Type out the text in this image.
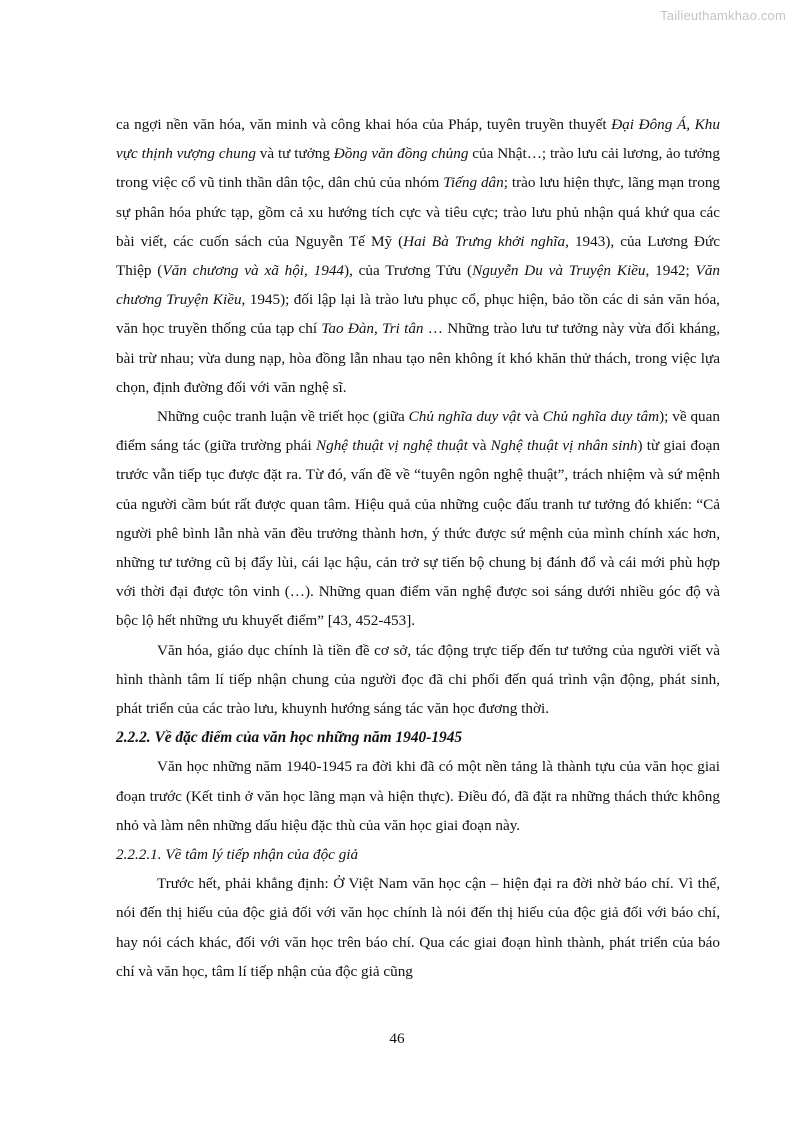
Tailieuthamkhao.com

ca ngợi nền văn hóa, văn minh và công khai hóa của Pháp, tuyên truyền thuyết Đại Đông Á, Khu vực thịnh vượng chung và tư tưởng Đồng văn đồng chủng của Nhật…; trào lưu cải lương, ảo tưởng trong việc cổ vũ tinh thần dân tộc, dân chủ của nhóm Tiếng dân; trào lưu hiện thực, lãng mạn trong sự phân hóa phức tạp, gồm cả xu hướng tích cực và tiêu cực; trào lưu phủ nhận quá khứ qua các bài viết, các cuốn sách của Nguyễn Tế Mỹ (Hai Bà Trưng khởi nghĩa, 1943), của Lương Đức Thiệp (Văn chương và xã hội, 1944), của Trương Tửu (Nguyễn Du và Truyện Kiều, 1942; Văn chương Truyện Kiều, 1945); đối lập lại là trào lưu phục cổ, phục hiện, bảo tồn các di sản văn hóa, văn học truyền thống của tạp chí Tao Đàn, Tri tân … Những trào lưu tư tưởng này vừa đối kháng, bài trừ nhau; vừa dung nạp, hòa đồng lẫn nhau tạo nên không ít khó khăn thử thách, trong việc lựa chọn, định đường đối với văn nghệ sĩ.

Những cuộc tranh luận về triết học (giữa Chủ nghĩa duy vật và Chủ nghĩa duy tâm); về quan điểm sáng tác (giữa trường phái Nghệ thuật vị nghệ thuật và Nghệ thuật vị nhân sinh) từ giai đoạn trước vẫn tiếp tục được đặt ra. Từ đó, vấn đề về “tuyên ngôn nghệ thuật”, trách nhiệm và sứ mệnh của người cầm bút rất được quan tâm. Hiệu quả của những cuộc đấu tranh tư tưởng đó khiến: “Cả người phê bình lẫn nhà văn đều trưởng thành hơn, ý thức được sứ mệnh của mình chính xác hơn, những tư tưởng cũ bị đẩy lùi, cái lạc hậu, cản trở sự tiến bộ chung bị đánh đổ và cái mới phù hợp với thời đại được tôn vinh (…). Những quan điểm văn nghệ được soi sáng dưới nhiều góc độ và bộc lộ hết những ưu khuyết điểm” [43, 452-453].

Văn hóa, giáo dục chính là tiền đề cơ sở, tác động trực tiếp đến tư tưởng của người viết và hình thành tâm lí tiếp nhận chung của người đọc đã chi phối đến quá trình vận động, phát sinh, phát triển của các trào lưu, khuynh hướng sáng tác văn học đương thời.

2.2.2. Về đặc điểm của văn học những năm 1940-1945

Văn học những năm 1940-1945 ra đời khi đã có một nền tảng là thành tựu của văn học giai đoạn trước (Kết tinh ở văn học lãng mạn và hiện thực). Điều đó, đã đặt ra những thách thức không nhỏ và làm nên những dấu hiệu đặc thù của văn học giai đoạn này.

2.2.2.1. Về tâm lý tiếp nhận của độc giả

Trước hết, phải khẳng định: Ở Việt Nam văn học cận – hiện đại ra đời nhờ báo chí. Vì thế, nói đến thị hiếu của độc giả đối với văn học chính là nói đến thị hiếu của độc giả đối với báo chí, hay nói cách khác, đối với văn học trên báo chí. Qua các giai đoạn hình thành, phát triển của báo chí và văn học, tâm lí tiếp nhận của độc giả cũng

46
